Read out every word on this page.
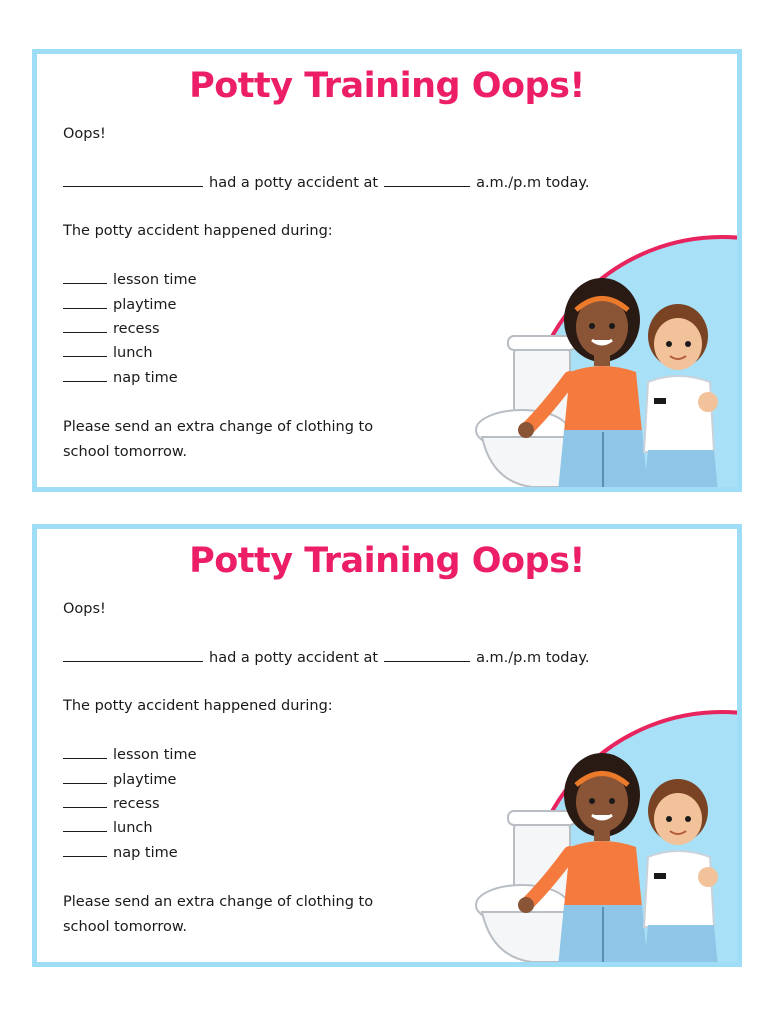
Potty Training Oops!
Oops!
had a potty accident at	a.m./p.m today.
The potty accident happened during:
lesson time
playtime
recess
lunch
nap time
Please send an extra change of clothing to
school tomorrow.
Potty Training Oops!
Oops!
had a potty accident at	a.m./p.m today.
The potty accident happened during:
lesson time
playtime
recess
lunch
nap time
Please send an extra change of clothing to
school tomorrow.
